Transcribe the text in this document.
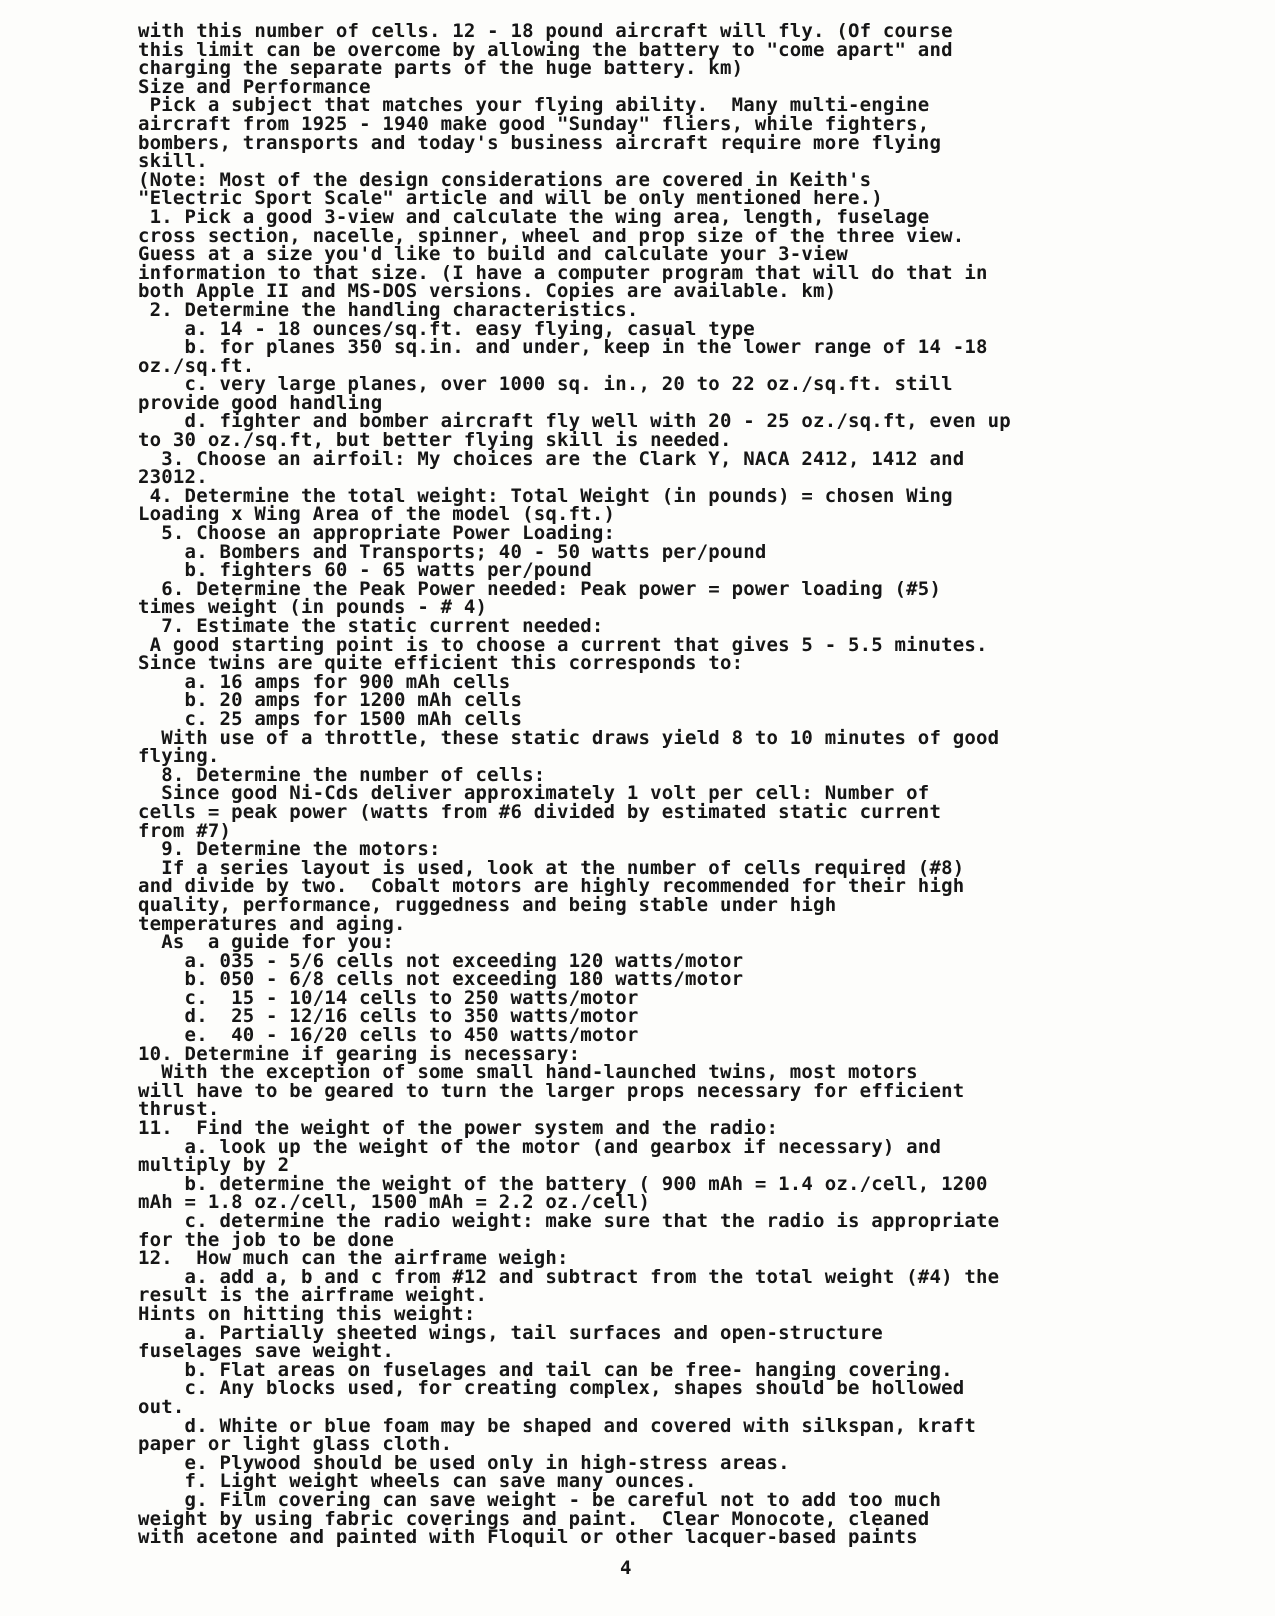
with this number of cells. 12 - 18 pound aircraft will fly. (Of course
this limit can be overcome by allowing the battery to "come apart" and
charging the separate parts of the huge battery. km)
Size and Performance
Pick a subject that matches your flying ability.  Many multi-engine
aircraft from 1925 - 1940 make good "Sunday" fliers, while fighters,
bombers, transports and today's business aircraft require more flying
skill.
(Note: Most of the design considerations are covered in Keith's
"Electric Sport Scale" article and will be only mentioned here.)
1. Pick a good 3-view and calculate the wing area, length, fuselage
cross section, nacelle, spinner, wheel and prop size of the three view.
Guess at a size you'd like to build and calculate your 3-view
information to that size. (I have a computer program that will do that in
both Apple II and MS-DOS versions. Copies are available. km)
2. Determine the handling characteristics.
a. 14 - 18 ounces/sq.ft. easy flying, casual type
b. for planes 350 sq.in. and under, keep in the lower range of 14 -18
oz./sq.ft.
c. very large planes, over 1000 sq. in., 20 to 22 oz./sq.ft. still
provide good handling
d. fighter and bomber aircraft fly well with 20 - 25 oz./sq.ft, even up
to 30 oz./sq.ft, but better flying skill is needed.
3. Choose an airfoil: My choices are the Clark Y, NACA 2412, 1412 and
23012.
4. Determine the total weight: Total Weight (in pounds) = chosen Wing
Loading x Wing Area of the model (sq.ft.)
5. Choose an appropriate Power Loading:
a. Bombers and Transports; 40 - 50 watts per/pound
b. fighters 60 - 65 watts per/pound
6. Determine the Peak Power needed: Peak power = power loading (#5)
times weight (in pounds - # 4)
7. Estimate the static current needed:
A good starting point is to choose a current that gives 5 - 5.5 minutes.
Since twins are quite efficient this corresponds to:
a. 16 amps for 900 mAh cells
b. 20 amps for 1200 mAh cells
c. 25 amps for 1500 mAh cells
With use of a throttle, these static draws yield 8 to 10 minutes of good
flying.
8. Determine the number of cells:
Since good Ni-Cds deliver approximately 1 volt per cell: Number of
cells = peak power (watts from #6 divided by estimated static current
from #7)
9. Determine the motors:
If a series layout is used, look at the number of cells required (#8)
and divide by two.  Cobalt motors are highly recommended for their high
quality, performance, ruggedness and being stable under high
temperatures and aging.
As  a guide for you:
a. 035 - 5/6 cells not exceeding 120 watts/motor
b. 050 - 6/8 cells not exceeding 180 watts/motor
c.  15 - 10/14 cells to 250 watts/motor
d.  25 - 12/16 cells to 350 watts/motor
e.  40 - 16/20 cells to 450 watts/motor
10. Determine if gearing is necessary:
With the exception of some small hand-launched twins, most motors
will have to be geared to turn the larger props necessary for efficient
thrust.
11.  Find the weight of the power system and the radio:
a. look up the weight of the motor (and gearbox if necessary) and
multiply by 2
b. determine the weight of the battery ( 900 mAh = 1.4 oz./cell, 1200
mAh = 1.8 oz./cell, 1500 mAh = 2.2 oz./cell)
c. determine the radio weight: make sure that the radio is appropriate
for the job to be done
12.  How much can the airframe weigh:
a. add a, b and c from #12 and subtract from the total weight (#4) the
result is the airframe weight.
Hints on hitting this weight:
a. Partially sheeted wings, tail surfaces and open-structure
fuselages save weight.
b. Flat areas on fuselages and tail can be free- hanging covering.
c. Any blocks used, for creating complex, shapes should be hollowed
out.
d. White or blue foam may be shaped and covered with silkspan, kraft
paper or light glass cloth.
e. Plywood should be used only in high-stress areas.
f. Light weight wheels can save many ounces.
g. Film covering can save weight - be careful not to add too much
weight by using fabric coverings and paint.  Clear Monocote, cleaned
with acetone and painted with Floquil or other lacquer-based paints
4
